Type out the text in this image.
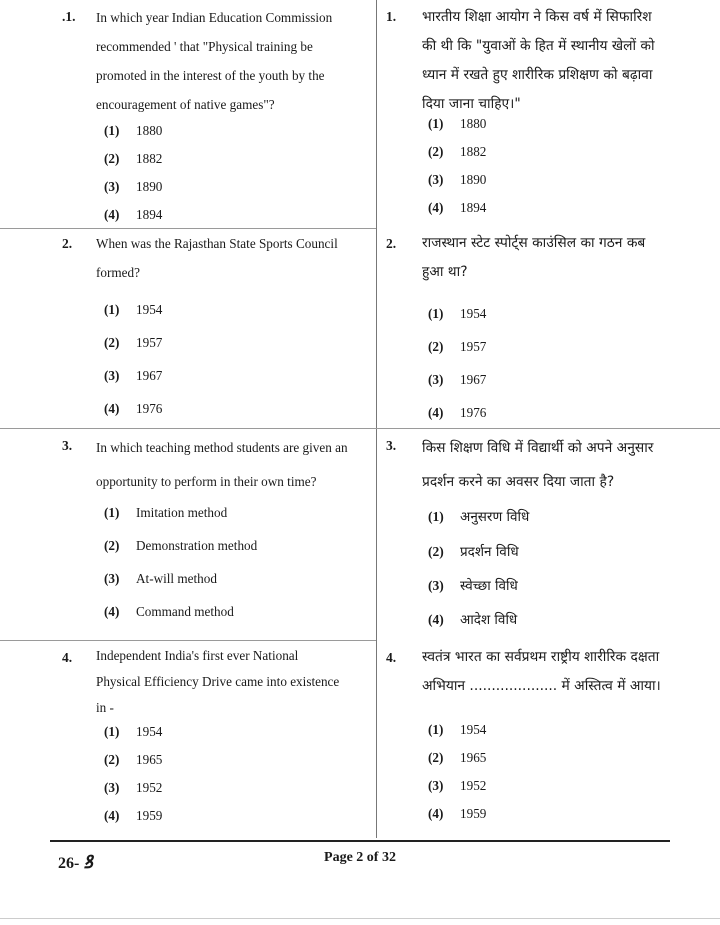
.1. In which year Indian Education Commission
recommended ' that "Physical training be
promoted in the interest of the youth by the
encouragement of native games"?
(1) 1880
(2) 1882
(3) 1890
(4) 1894
1. भारतीय शिक्षा आयोग ने किस वर्ष में सिफारिश
की थी कि "युवाओं के हित में स्थानीय खेलों को
ध्यान में रखते हुए शारीरिक प्रशिक्षण को बढ़ावा
दिया जाना चाहिए।"
(1) 1880
(2) 1882
(3) 1890
(4) 1894
2. When was the Rajasthan State Sports Council
formed?
(1) 1954
(2) 1957
(3) 1967
(4) 1976
2. राजस्थान स्टेट स्पोर्ट्स काउंसिल का गठन कब
हुआ था?
(1) 1954
(2) 1957
(3) 1967
(4) 1976
3. In which teaching method students are given an
opportunity to perform in their own time?
(1) Imitation method
(2) Demonstration method
(3) At-will method
(4) Command method
3. किस शिक्षण विधि में विद्यार्थी को अपने अनुसार
प्रदर्शन करने का अवसर दिया जाता है?
(1) अनुसरण विधि
(2) प्रदर्शन विधि
(3) स्वेच्छा विधि
(4) आदेश विधि
4. Independent India's first ever National
Physical Efficiency Drive came into existence
in -
(1) 1954
(2) 1965
(3) 1952
(4) 1959
4. स्वतंत्र भारत का सर्वप्रथम राष्ट्रीय शारीरिक दक्षता
अभियान .................... में अस्तित्व में आया।
(1) 1954
(2) 1965
(3) 1952
(4) 1959
26- ꝸ	Page 2 of 32
